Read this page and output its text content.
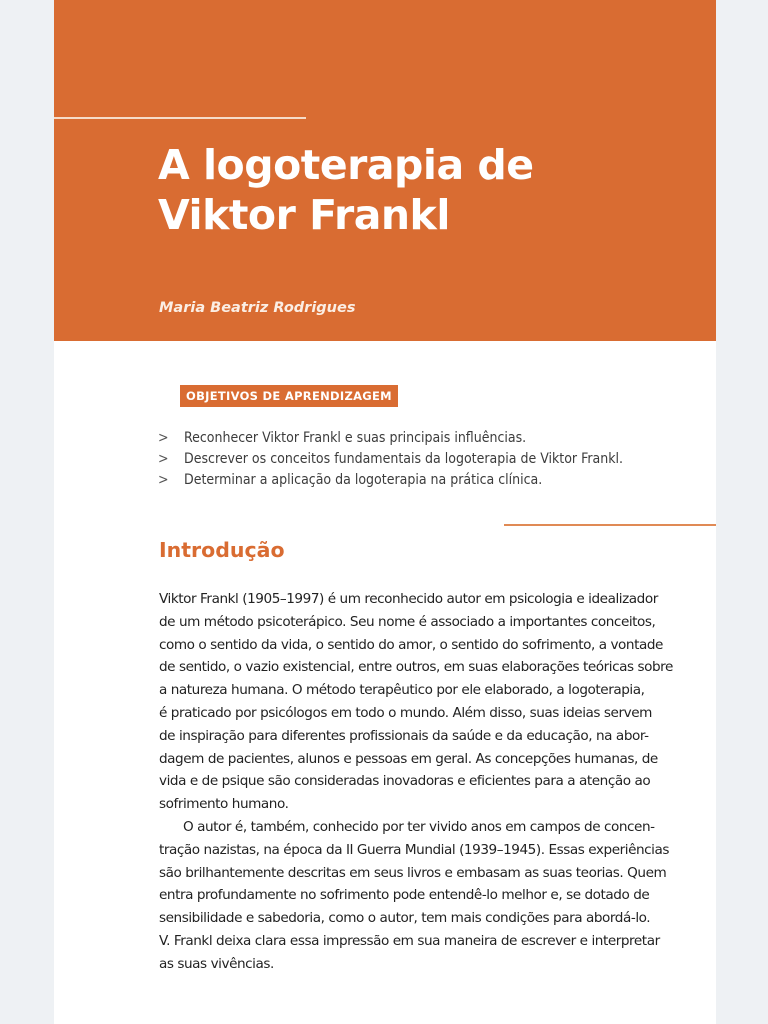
A logoterapia de
Viktor Frankl
Maria Beatriz Rodrigues
OBJETIVOS DE APRENDIZAGEM
> Reconhecer Viktor Frankl e suas principais influências.
> Descrever os conceitos fundamentais da logoterapia de Viktor Frankl.
> Determinar a aplicação da logoterapia na prática clínica.
Introdução
Viktor Frankl (1905–1997) é um reconhecido autor em psicologia e idealizador
de um método psicoterápico. Seu nome é associado a importantes conceitos,
como o sentido da vida, o sentido do amor, o sentido do sofrimento, a vontade
de sentido, o vazio existencial, entre outros, em suas elaborações teóricas sobre
a natureza humana. O método terapêutico por ele elaborado, a logoterapia,
é praticado por psicólogos em todo o mundo. Além disso, suas ideias servem
de inspiração para diferentes profissionais da saúde e da educação, na abor-
dagem de pacientes, alunos e pessoas em geral. As concepções humanas, de
vida e de psique são consideradas inovadoras e eficientes para a atenção ao
sofrimento humano.
O autor é, também, conhecido por ter vivido anos em campos de concen-
tração nazistas, na época da II Guerra Mundial (1939–1945). Essas experiências
são brilhantemente descritas em seus livros e embasam as suas teorias. Quem
entra profundamente no sofrimento pode entendê-lo melhor e, se dotado de
sensibilidade e sabedoria, como o autor, tem mais condições para abordá-lo.
V. Frankl deixa clara essa impressão em sua maneira de escrever e interpretar
as suas vivências.
